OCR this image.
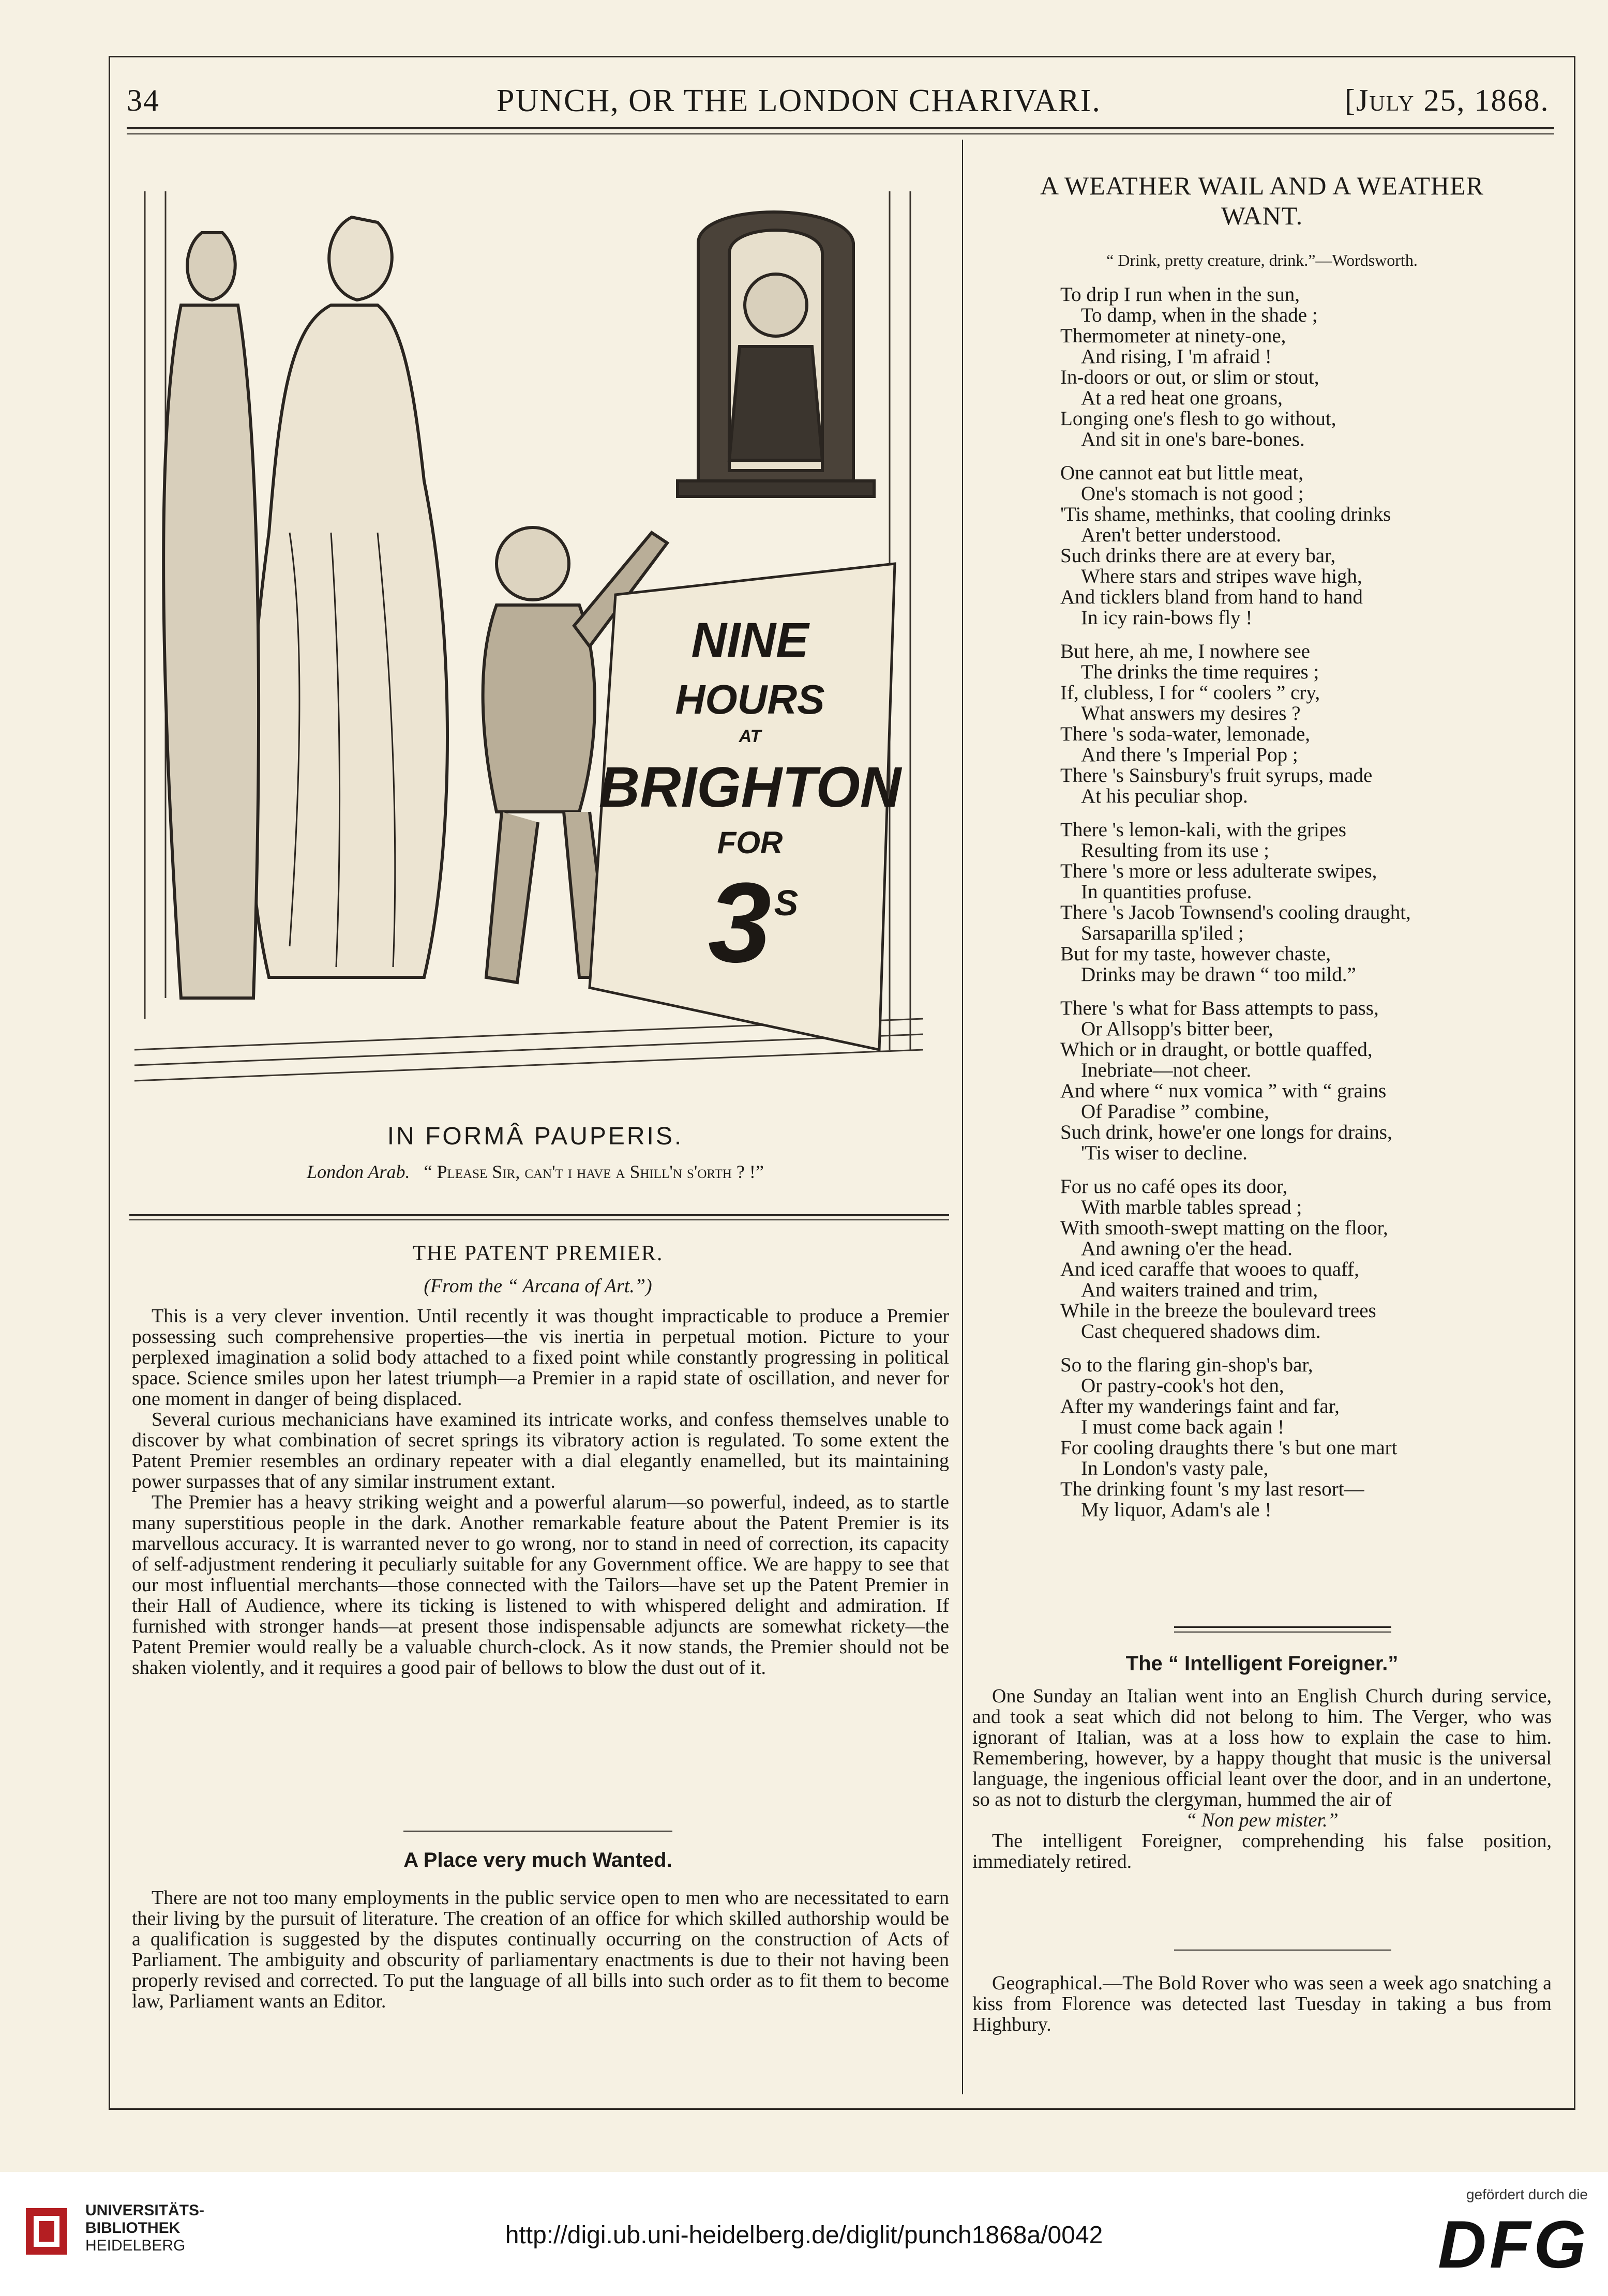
34	PUNCH, OR THE LONDON CHARIVARI.	[July 25, 1868.
NINE
HOURS
AT
BRIGHTON
FOR
3 S
IN FORMÂ PAUPERIS.
London Arab. “ Please Sir, can't i have a Shill'n s'orth ? !”
THE PATENT PREMIER.
(From the “ Arcana of Art.”)

This is a very clever invention. Until recently it was thought impracticable to produce a Premier possessing such comprehensive properties—the vis inertia in perpetual motion. Picture to your perplexed imagination a solid body attached to a fixed point while constantly progressing in political space. Science smiles upon her latest triumph—a Premier in a rapid state of oscillation, and never for one moment in danger of being displaced.

Several curious mechanicians have examined its intricate works, and confess themselves unable to discover by what combination of secret springs its vibratory action is regulated. To some extent the Patent Premier resembles an ordinary repeater with a dial elegantly enamelled, but its maintaining power surpasses that of any similar instrument extant.

The Premier has a heavy striking weight and a powerful alarum—so powerful, indeed, as to startle many superstitious people in the dark. Another remarkable feature about the Patent Premier is its marvellous accuracy. It is warranted never to go wrong, nor to stand in need of correction, its capacity of self-adjustment rendering it peculiarly suitable for any Government office. We are happy to see that our most influential merchants—those connected with the Tailors—have set up the Patent Premier in their Hall of Audience, where its ticking is listened to with whispered delight and admiration. If furnished with stronger hands—at present those indispensable adjuncts are somewhat rickety—the Patent Premier would really be a valuable church-clock. As it now stands, the Premier should not be shaken violently, and it requires a good pair of bellows to blow the dust out of it.

A Place very much Wanted.

There are not too many employments in the public service open to men who are necessitated to earn their living by the pursuit of literature. The creation of an office for which skilled authorship would be a qualification is suggested by the disputes continually occurring on the construction of Acts of Parliament. The ambiguity and obscurity of parliamentary enactments is due to their not having been properly revised and corrected. To put the language of all bills into such order as to fit them to become law, Parliament wants an Editor.

A WEATHER WAIL AND A WEATHER
WANT.
“ Drink, pretty creature, drink.”—Wordsworth.
To drip I run when in the sun,
To damp, when in the shade ;
Thermometer at ninety-one,
And rising, I 'm afraid !
In-doors or out, or slim or stout,
At a red heat one groans,
Longing one's flesh to go without,
And sit in one's bare-bones.
One cannot eat but little meat,
One's stomach is not good ;
'Tis shame, methinks, that cooling drinks
Aren't better understood.
Such drinks there are at every bar,
Where stars and stripes wave high,
And ticklers bland from hand to hand
In icy rain-bows fly !
But here, ah me, I nowhere see
The drinks the time requires ;
If, clubless, I for “ coolers ” cry,
What answers my desires ?
There 's soda-water, lemonade,
And there 's Imperial Pop ;
There 's Sainsbury's fruit syrups, made
At his peculiar shop.
There 's lemon-kali, with the gripes
Resulting from its use ;
There 's more or less adulterate swipes,
In quantities profuse.
There 's Jacob Townsend's cooling draught,
Sarsaparilla sp'iled ;
But for my taste, however chaste,
Drinks may be drawn “ too mild.”
There 's what for Bass attempts to pass,
Or Allsopp's bitter beer,
Which or in draught, or bottle quaffed,
Inebriate—not cheer.
And where “ nux vomica ” with “ grains
Of Paradise ” combine,
Such drink, howe'er one longs for drains,
'Tis wiser to decline.
For us no café opes its door,
With marble tables spread ;
With smooth-swept matting on the floor,
And awning o'er the head.
And iced caraffe that wooes to quaff,
And waiters trained and trim,
While in the breeze the boulevard trees
Cast chequered shadows dim.
So to the flaring gin-shop's bar,
Or pastry-cook's hot den,
After my wanderings faint and far,
I must come back again !
For cooling draughts there 's but one mart
In London's vasty pale,
The drinking fount 's my last resort—
My liquor, Adam's ale !
The “ Intelligent Foreigner.”

One Sunday an Italian went into an English Church during service, and took a seat which did not belong to him. The Verger, who was ignorant of Italian, was at a loss how to explain the case to him. Remembering, however, by a happy thought that music is the universal language, the ingenious official leant over the door, and in an undertone, so as not to disturb the clergyman, hummed the air of

“ Non pew mister.”

The intelligent Foreigner, comprehending his false position, immediately retired.

Geographical.—The Bold Rover who was seen a week ago snatching a kiss from Florence was detected last Tuesday in taking a bus from Highbury.

UNIVERSITÄTS-
BIBLIOTHEK
HEIDELBERG	http://digi.ub.uni-heidelberg.de/diglit/punch1868a/0042
gefördert durch die
DFG
